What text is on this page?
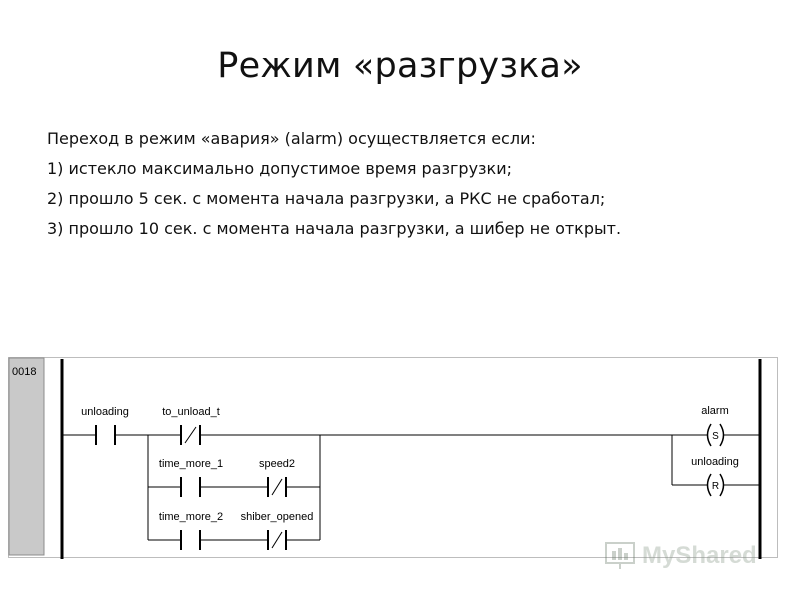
Режим «разгрузка»
Переход в режим «авария» (alarm) осуществляется если:
1) истекло максимально допустимое время разгрузки;
2) прошло 5 сек. с момента начала разгрузки, а РКС не сработал;
3) прошло 10 сек. с момента начала разгрузки, а шибер не открыт.
0018
unloading	to_unload_t
time_more_1	speed2
time_more_2 shiber_opened
S
alarm
R
unloading
MyShared
